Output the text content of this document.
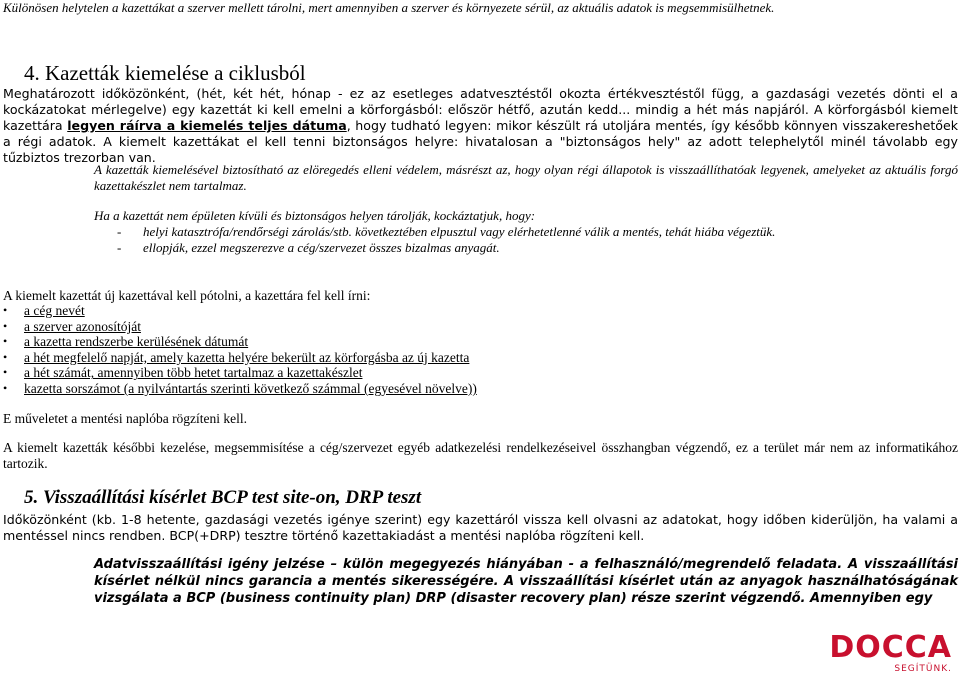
Különösen helytelen a kazettákat a szerver mellett tárolni, mert amennyiben a szerver és környezete sérül, az aktuális adatok is megsemmisülhetnek.

4. Kazetták kiemelése a ciklusból

Meghatározott időközönként, (hét, két hét, hónap - ez az esetleges adatvesztéstől okozta értékvesztéstől függ, a gazdasági vezetés dönti el a kockázatokat mérlegelve) egy kazettát ki kell emelni a körforgásból: először hétfő, azután kedd... mindig a hét más napjáról. A körforgásból kiemelt kazettára legyen ráírva a kiemelés teljes dátuma, hogy tudható legyen: mikor készült rá utoljára mentés, így később könnyen visszakereshetőek a régi adatok. A kiemelt kazettákat el kell tenni biztonságos helyre: hivatalosan a "biztonságos hely" az adott telephelytől minél távolabb egy tűzbiztos trezorban van.

A kazetták kiemelésével biztosítható az elöregedés elleni védelem, másrészt az, hogy olyan régi állapotok is visszaállíthatóak legyenek, amelyeket az aktuális forgó kazettakészlet nem tartalmaz.

Ha a kazettát nem épületen kívüli és biztonságos helyen tárolják, kockáztatjuk, hogy:

- helyi katasztrófa/rendőrségi zárolás/stb. következtében elpusztul vagy elérhetetlenné válik a mentés, tehát hiába végeztük.
- ellopják, ezzel megszerezve a cég/szervezet összes bizalmas anyagát.

A kiemelt kazettát új kazettával kell pótolni, a kazettára fel kell írni:

• a cég nevét
• a szerver azonosítóját
• a kazetta rendszerbe kerülésének dátumát
• a hét megfelelő napját, amely kazetta helyére bekerült az körforgásba az új kazetta
• a hét számát, amennyiben több hetet tartalmaz a kazettakészlet
• kazetta sorszámot (a nyilvántartás szerinti következő számmal (egyesével növelve))

E műveletet a mentési naplóba rögzíteni kell.

A kiemelt kazetták későbbi kezelése, megsemmisítése a cég/szervezet egyéb adatkezelési rendelkezéseivel összhangban végzendő, ez a terület már nem az informatikához tartozik.

5. Visszaállítási kísérlet BCP test site-on, DRP teszt

Időközönként (kb. 1-8 hetente, gazdasági vezetés igénye szerint) egy kazettáról vissza kell olvasni az adatokat, hogy időben kiderüljön, ha valami a mentéssel nincs rendben. BCP(+DRP) tesztre történő kazettakiadást a mentési naplóba rögzíteni kell.

Adatvisszaállítási igény jelzése – külön megegyezés hiányában - a felhasználó/megrendelő feladata. A visszaállítási kísérlet nélkül nincs garancia a mentés sikerességére. A visszaállítási kísérlet után az anyagok használhatóságának vizsgálata a BCP (business continuity plan) DRP (disaster recovery plan) része szerint végzendő. Amennyiben egy

DOCCA
SEGÍTÜNK.
